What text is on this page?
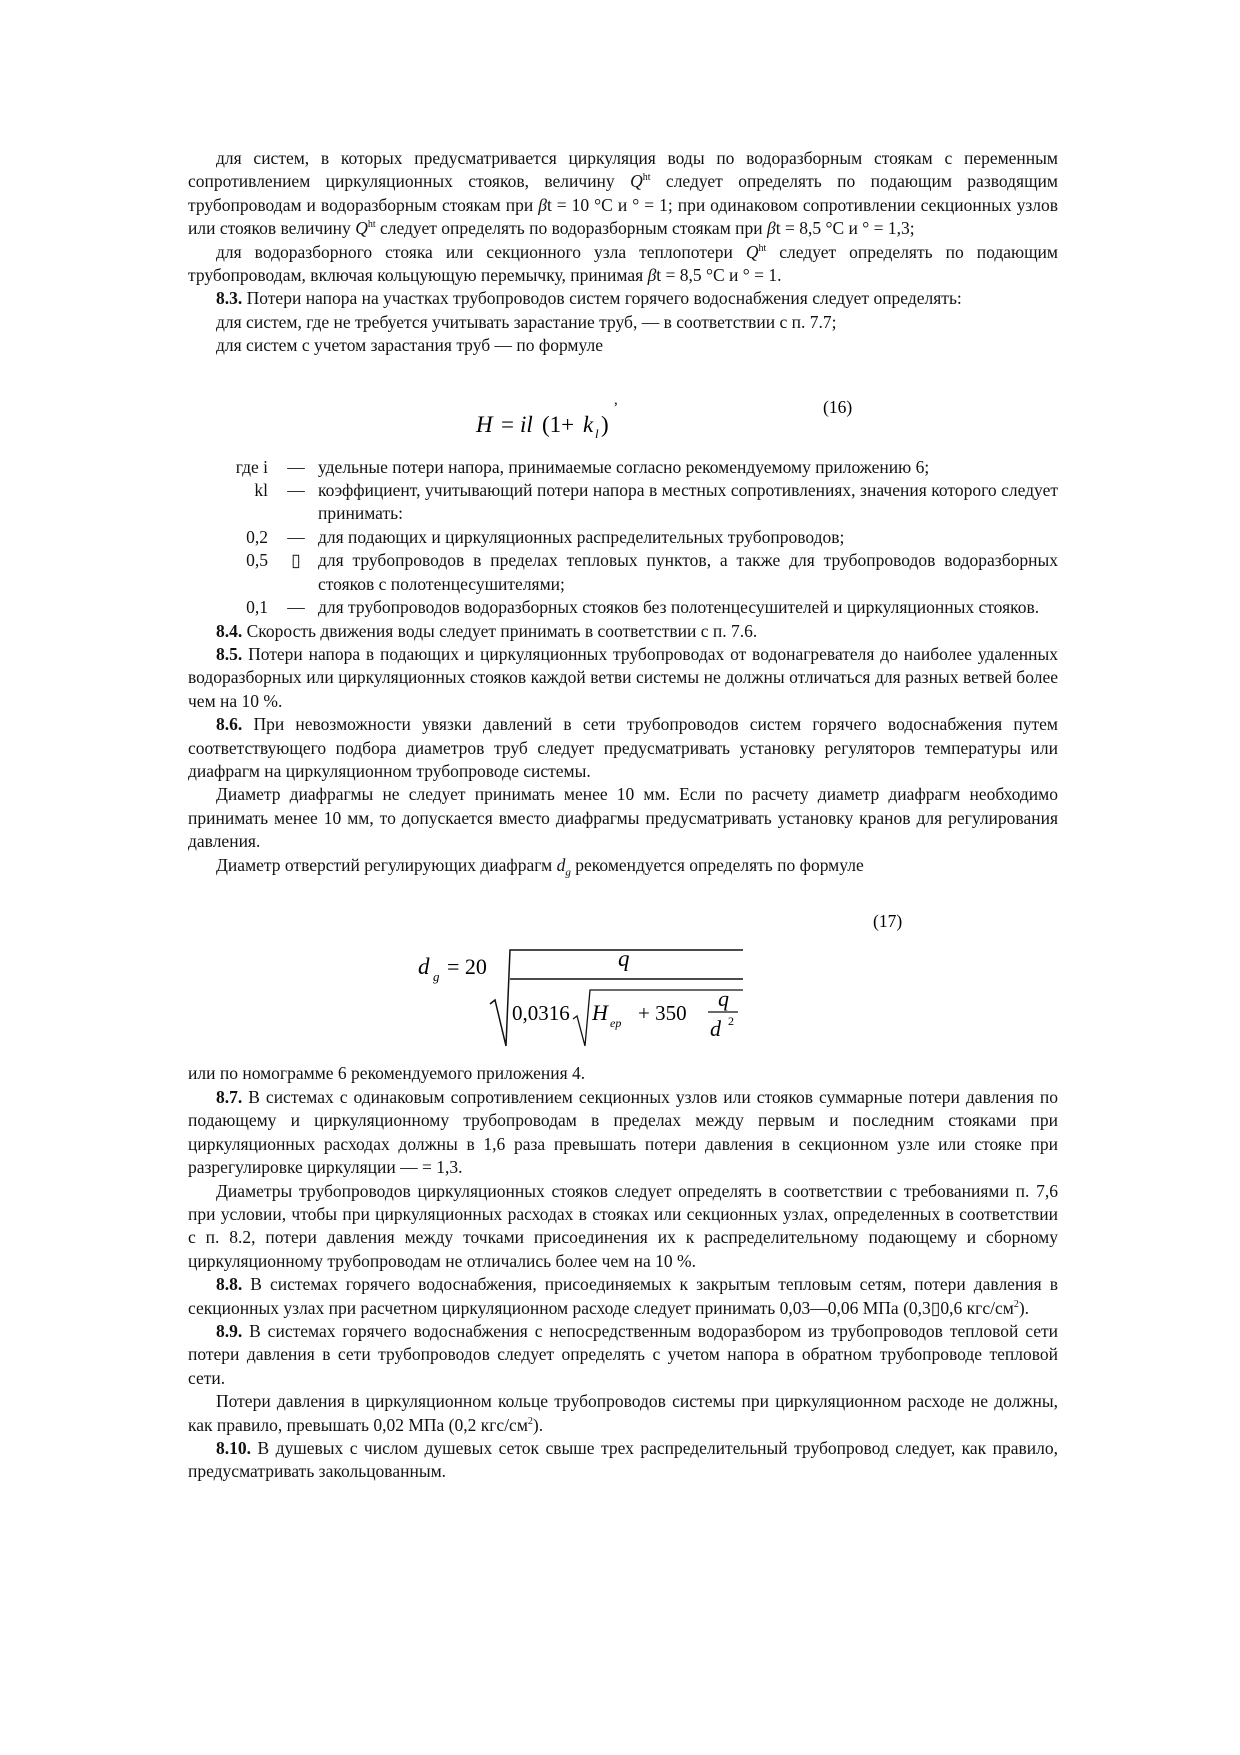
для систем, в которых предусматривается циркуляция воды по водоразборным стоякам с переменным сопротивлением циркуляционных стояков, величину $Q^{ht}$ следует определять по подающим разводящим трубопроводам и водоразборным стоякам при βt = 10 °C и ° = 1; при одинаковом сопротивлении секционных узлов или стояков величину $Q^{ht}$ следует определять по водоразборным стоякам при βt = 8,5 °C и ° = 1,3;

для водоразборного стояка или секционного узла теплопотери $Q^{ht}$ следует определять по подающим трубопроводам, включая кольцующую перемычку, принимая βt = 8,5 °C и ° = 1.

8.3. Потери напора на участках трубопроводов систем горячего водоснабжения следует определять:

для систем, где не требуется учитывать зарастание труб, — в соответствии с п. 7.7;

для систем с учетом зарастания труб — по формуле

H = il (1+ k l )
,	(16)
где i	— удельные потери напора, принимаемые согласно рекомендуемому приложению 6;
kl	— коэффициент, учитывающий потери напора в местных сопротивлениях, значения которого следует принимать:
0,2	— для подающих и циркуляционных распределительных трубопроводов;
0,5	▯ для трубопроводов в пределах тепловых пунктов, а также для трубопроводов водоразборных стояков с полотенцесушителями;
0,1	— для трубопроводов водоразборных стояков без полотенцесушителей и циркуляционных стояков.

8.4. Скорость движения воды следует принимать в соответствии с п. 7.6.

8.5. Потери напора в подающих и циркуляционных трубопроводах от водонагревателя до наиболее удаленных водоразборных или циркуляционных стояков каждой ветви системы не должны отличаться для разных ветвей более чем на 10 %.

8.6. При невозможности увязки давлений в сети трубопроводов систем горячего водоснабжения путем соответствующего подбора диаметров труб следует предусматривать установку регуляторов температуры или диафрагм на циркуляционном трубопроводе системы.

Диаметр диафрагмы не следует принимать менее 10 мм. Если по расчету диаметр диафрагм необходимо принимать менее 10 мм, то допускается вместо диафрагмы предусматривать установку кранов для регулирования давления.

Диаметр отверстий регулирующих диафрагм $d_g$ рекомендуется определять по формуле

(17)
d g = 20	q
0,0316 H ep + 350
q
d 2

или по номограмме 6 рекомендуемого приложения 4.

8.7. В системах с одинаковым сопротивлением секционных узлов или стояков суммарные потери давления по подающему и циркуляционному трубопроводам в пределах между первым и последним стояками при циркуляционных расходах должны в 1,6 раза превышать потери давления в секционном узле или стояке при разрегулировке циркуляции — = 1,3.

Диаметры трубопроводов циркуляционных стояков следует определять в соответствии с требованиями п. 7,6 при условии, чтобы при циркуляционных расходах в стояках или секционных узлах, определенных в соответствии с п. 8.2, потери давления между точками присоединения их к распределительному подающему и сборному циркуляционному трубопроводам не отличались более чем на 10 %.

8.8. В системах горячего водоснабжения, присоединяемых к закрытым тепловым сетям, потери давления в секционных узлах при расчетном циркуляционном расходе следует принимать 0,03—0,06 МПа (0,3▯0,6 кгс/$см^2$).

8.9. В системах горячего водоснабжения с непосредственным водоразбором из трубопроводов тепловой сети потери давления в сети трубопроводов следует определять с учетом напора в обратном трубопроводе тепловой сети.

Потери давления в циркуляционном кольце трубопроводов системы при циркуляционном расходе не должны, как правило, превышать 0,02 МПа (0,2 кгс/$см^2$).

8.10. В душевых с числом душевых сеток свыше трех распределительный трубопровод следует, как правило, предусматривать закольцованным.
